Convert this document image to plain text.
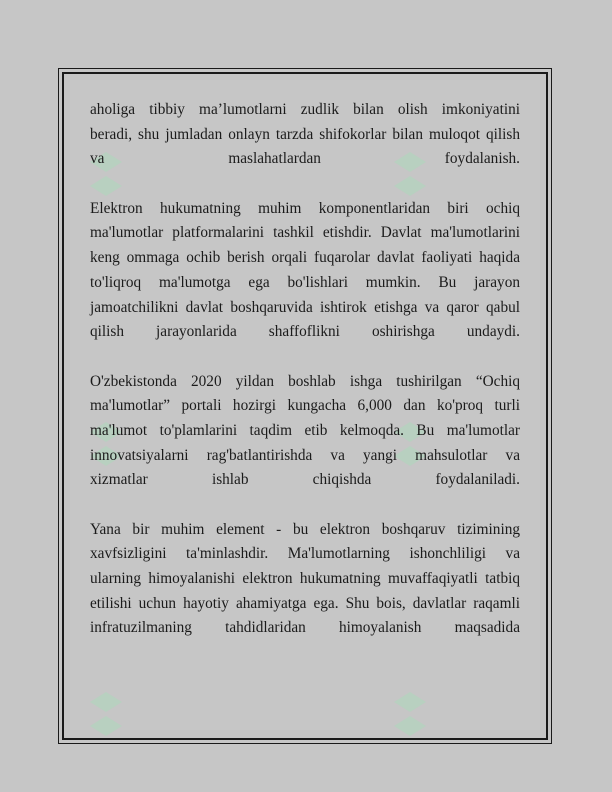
aholiga tibbiy ma’lumotlarni zudlik bilan olish imkoniyatini
beradi, shu jumladan onlayn tarzda shifokorlar bilan muloqot qilish
va maslahatlardan foydalanish.
Elektron hukumatning muhim komponentlaridan biri ochiq
ma'lumotlar platformalarini tashkil etishdir. Davlat ma'lumotlarini
keng ommaga ochib berish orqali fuqarolar davlat faoliyati haqida
to'liqroq ma'lumotga ega bo'lishlari mumkin. Bu jarayon
jamoatchilikni davlat boshqaruvida ishtirok etishga va qaror qabul
qilish jarayonlarida shaffoflikni oshirishga undaydi.
O'zbekistonda 2020 yildan boshlab ishga tushirilgan “Ochiq
ma'lumotlar” portali hozirgi kungacha 6,000 dan ko'proq turli
ma'lumot to'plamlarini taqdim etib kelmoqda. Bu ma'lumotlar
innovatsiyalarni rag'batlantirishda va yangi mahsulotlar va
xizmatlar ishlab chiqishda foydalaniladi.
Yana bir muhim element - bu elektron boshqaruv tizimining
xavfsizligini ta'minlashdir. Ma'lumotlarning ishonchliligi va
ularning himoyalanishi elektron hukumatning muvaffaqiyatli tatbiq
etilishi uchun hayotiy ahamiyatga ega. Shu bois, davlatlar raqamli
infratuzilmaning tahdidlaridan himoyalanish maqsadida
